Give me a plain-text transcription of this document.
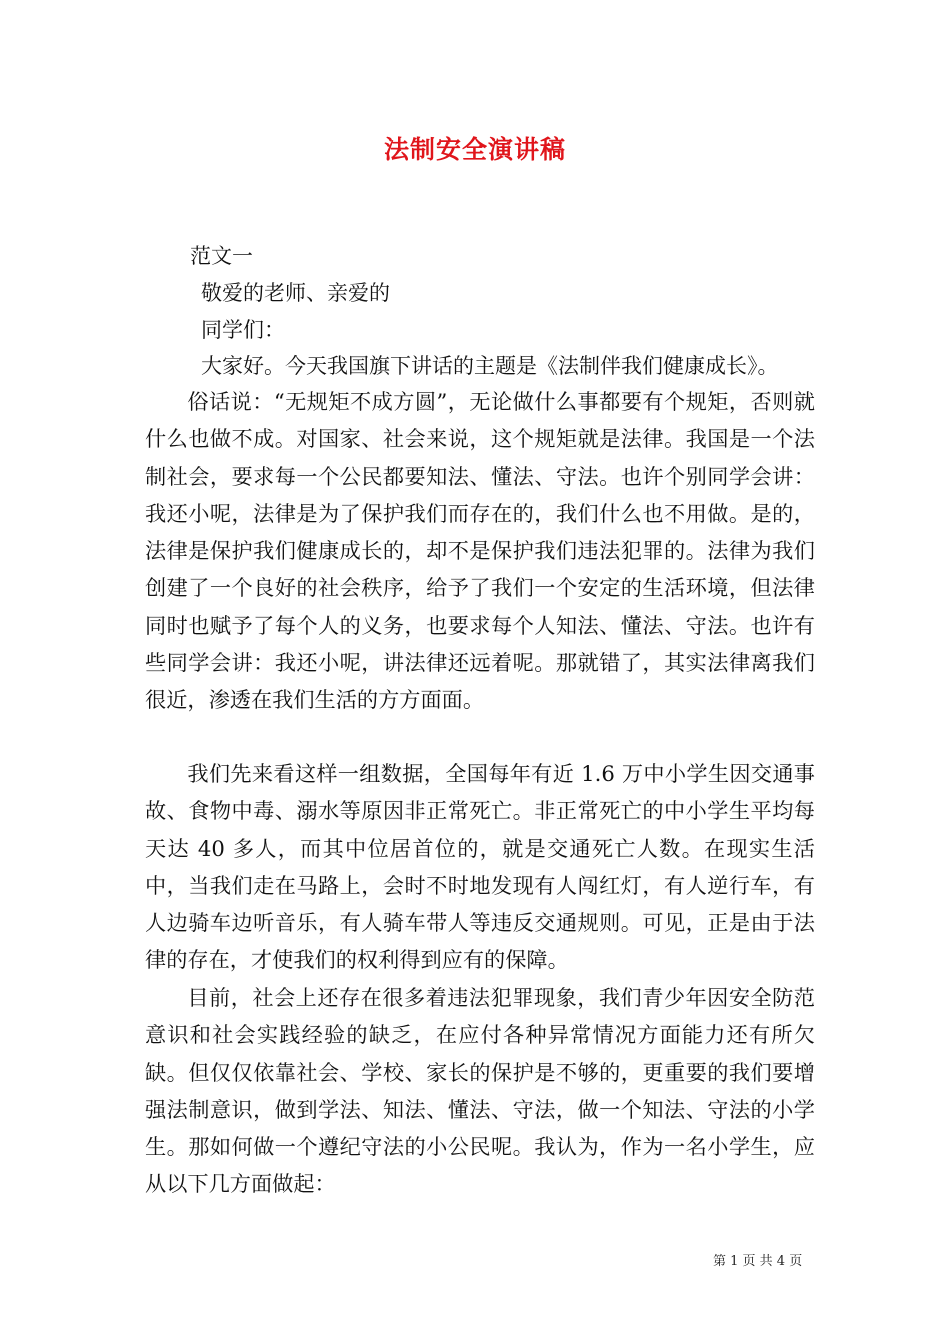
法制安全演讲稿
范文一
敬爱的老师、亲爱的
同学们：
大家好。今天我国旗下讲话的主题是《法制伴我们健康成长》。
俗话说：“无规矩不成方圆”，无论做什么事都要有个规矩，否则就什么也做不成。对国家、社会来说，这个规矩就是法律。我国是一个法制社会，要求每一个公民都要知法、懂法、守法。也许个别同学会讲：我还小呢，法律是为了保护我们而存在的，我们什么也不用做。是的，法律是保护我们健康成长的，却不是保护我们违法犯罪的。法律为我们创建了一个良好的社会秩序，给予了我们一个安定的生活环境，但法律同时也赋予了每个人的义务，也要求每个人知法、懂法、守法。也许有些同学会讲：我还小呢，讲法律还远着呢。那就错了，其实法律离我们很近，渗透在我们生活的方方面面。
我们先来看这样一组数据，全国每年有近 1.6 万中小学生因交通事故、食物中毒、溺水等原因非正常死亡。非正常死亡的中小学生平均每天达 40 多人，而其中位居首位的，就是交通死亡人数。在现实生活中，当我们走在马路上，会时不时地发现有人闯红灯，有人逆行车，有人边骑车边听音乐，有人骑车带人等违反交通规则。可见，正是由于法律的存在，才使我们的权利得到应有的保障。
目前，社会上还存在很多着违法犯罪现象，我们青少年因安全防范意识和社会实践经验的缺乏，在应付各种异常情况方面能力还有所欠缺。但仅仅依靠社会、学校、家长的保护是不够的，更重要的我们要增强法制意识，做到学法、知法、懂法、守法，做一个知法、守法的小学生。那如何做一个遵纪守法的小公民呢。我认为，作为一名小学生，应从以下几方面做起：
第 1 页 共 4 页
